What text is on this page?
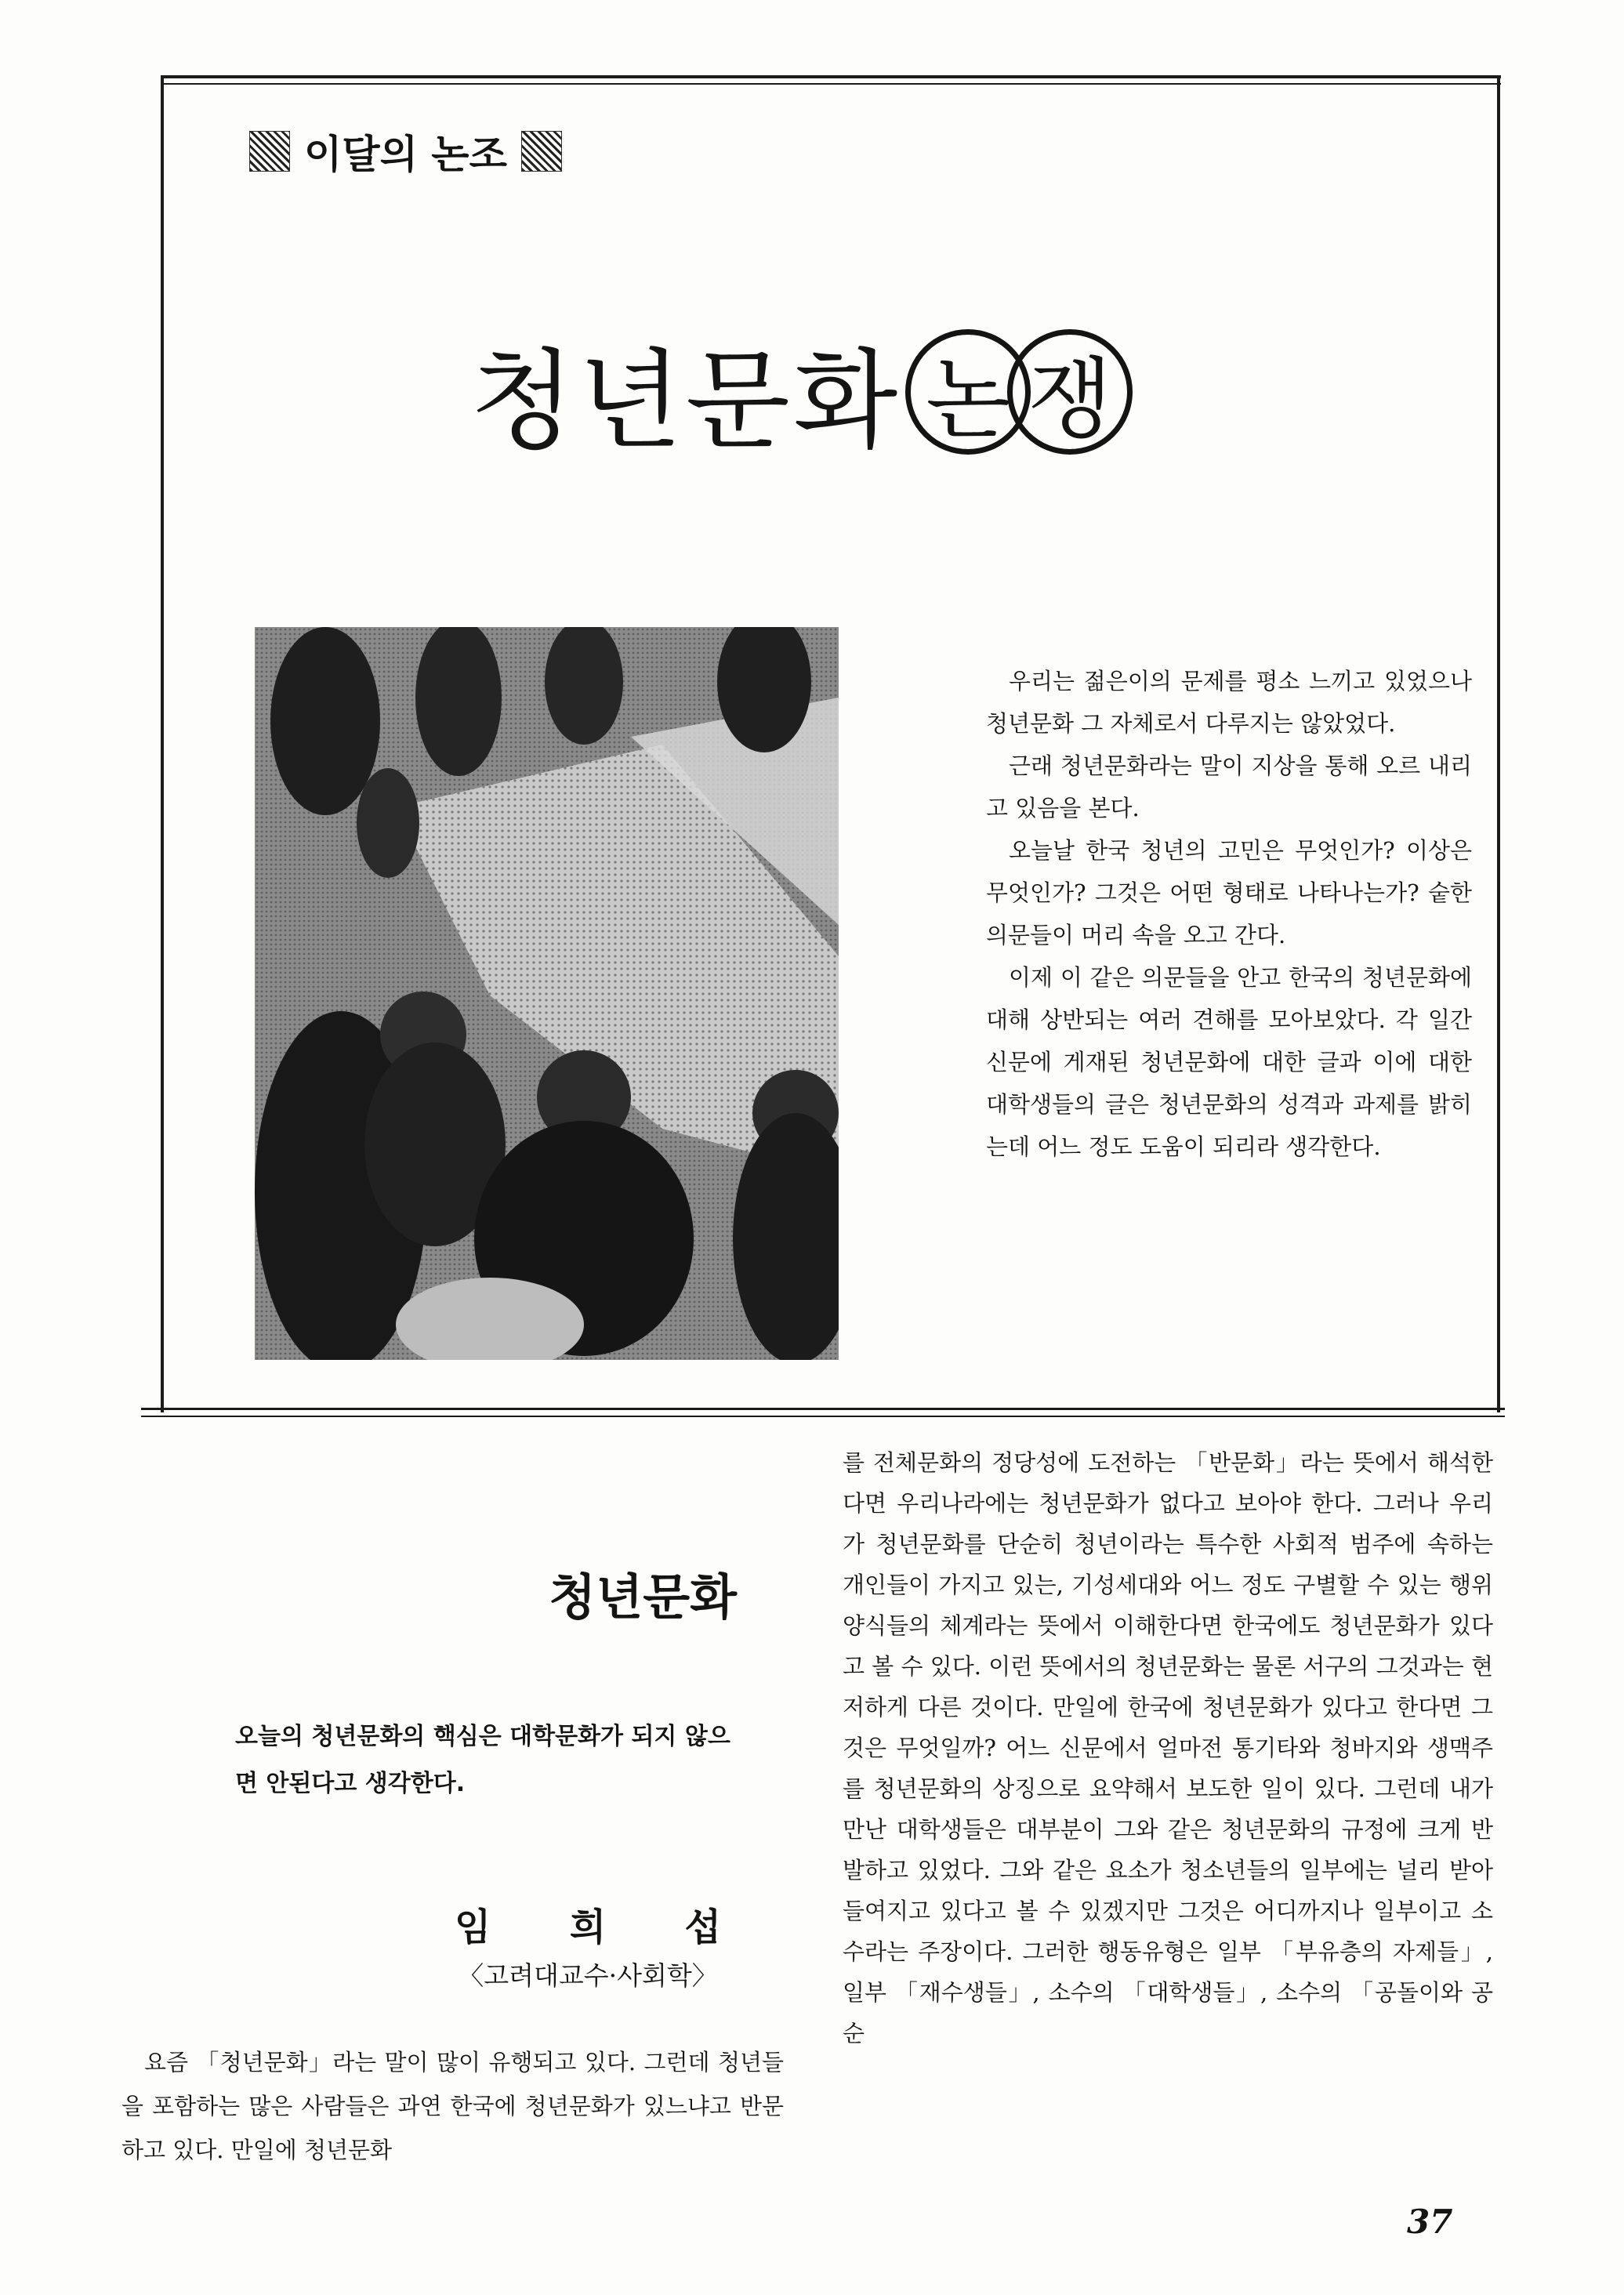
이달의 논조
청년문화 논 쟁

우리는 젊은이의 문제를 평소 느끼고 있었으나 청년문화 그 자체로서 다루지는 않았었다.

근래 청년문화라는 말이 지상을 통해 오르 내리고 있음을 본다.

오늘날 한국 청년의 고민은 무엇인가? 이상은 무엇인가? 그것은 어떤 형태로 나타나는가? 숱한 의문들이 머리 속을 오고 간다.

이제 이 같은 의문들을 안고 한국의 청년문화에 대해 상반되는 여러 견해를 모아보았다. 각 일간신문에 게재된 청년문화에 대한 글과 이에 대한 대학생들의 글은 청년문화의 성격과 과제를 밝히는데 어느 정도 도움이 되리라 생각한다.

청년문화
오늘의 청년문화의 핵심은 대학문화가 되지 않으면 안된다고 생각한다.
임 희 섭
〈고려대교수·사회학〉

요즘 「청년문화」라는 말이 많이 유행되고 있다. 그런데 청년들을 포함하는 많은 사람들은 과연 한국에 청년문화가 있느냐고 반문하고 있다. 만일에 청년문화

를 전체문화의 정당성에 도전하는 「반문화」라는 뜻에서 해석한다면 우리나라에는 청년문화가 없다고 보아야 한다. 그러나 우리가 청년문화를 단순히 청년이라는 특수한 사회적 범주에 속하는 개인들이 가지고 있는, 기성세대와 어느 정도 구별할 수 있는 행위양식들의 체계라는 뜻에서 이해한다면 한국에도 청년문화가 있다고 볼 수 있다. 이런 뜻에서의 청년문화는 물론 서구의 그것과는 현저하게 다른 것이다. 만일에 한국에 청년문화가 있다고 한다면 그것은 무엇일까? 어느 신문에서 얼마전 통기타와 청바지와 생맥주를 청년문화의 상징으로 요약해서 보도한 일이 있다. 그런데 내가 만난 대학생들은 대부분이 그와 같은 청년문화의 규정에 크게 반발하고 있었다. 그와 같은 요소가 청소년들의 일부에는 널리 받아들여지고 있다고 볼 수 있겠지만 그것은 어디까지나 일부이고 소수라는 주장이다. 그러한 행동유형은 일부 「부유층의 자제들」, 일부 「재수생들」, 소수의 「대학생들」, 소수의 「공돌이와 공순

37
